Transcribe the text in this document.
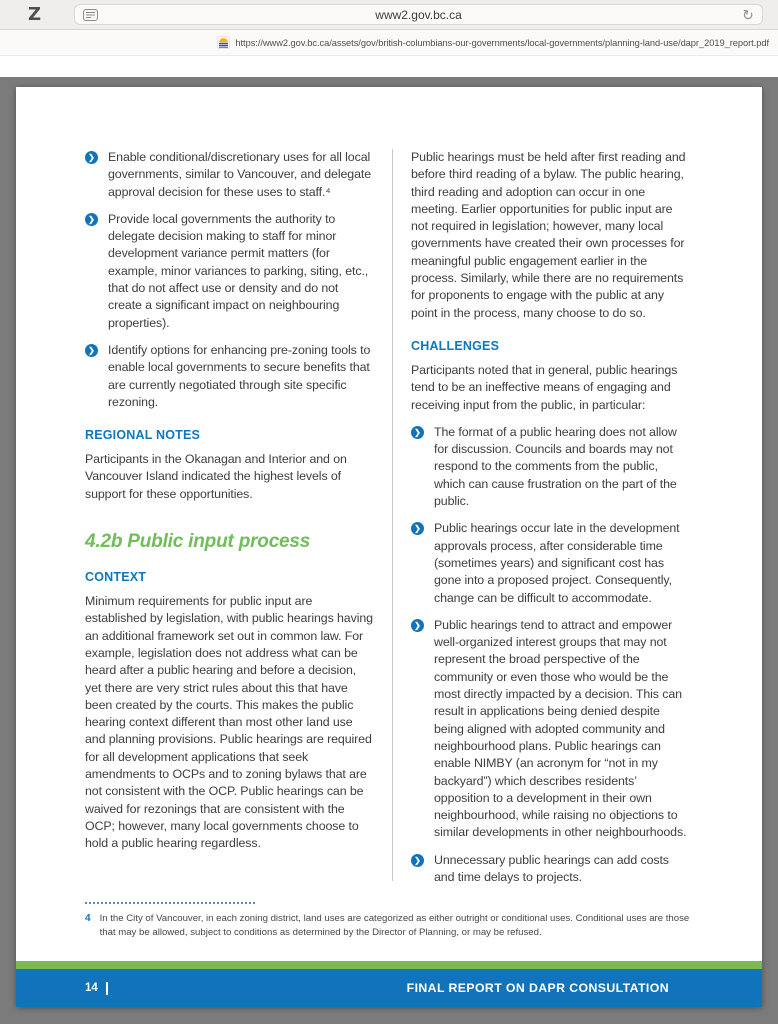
Z	www2.gov.bc.ca	↻
https://www2.gov.bc.ca/assets/gov/british-columbians-our-governments/local-governments/planning-land-use/dapr_2019_report.pdf
❯ Enable conditional/discretionary uses for all local governments, similar to Vancouver, and delegate approval decision for these uses to staff.⁴
❯ Provide local governments the authority to delegate decision making to staff for minor development variance permit matters (for example, minor variances to parking, siting, etc., that do not affect use or density and do not create a significant impact on neighbouring properties).
❯ Identify options for enhancing pre-zoning tools to enable local governments to secure benefits that are currently negotiated through site specific rezoning.
REGIONAL NOTES

Participants in the Okanagan and Interior and on Vancouver Island indicated the highest levels of support for these opportunities.

4.2b Public input process
CONTEXT

Minimum requirements for public input are established by legislation, with public hearings having an additional framework set out in common law. For example, legislation does not address what can be heard after a public hearing and before a decision, yet there are very strict rules about this that have been created by the courts. This makes the public hearing context different than most other land use and planning provisions. Public hearings are required for all development applications that seek amendments to OCPs and to zoning bylaws that are not consistent with the OCP. Public hearings can be waived for rezonings that are consistent with the OCP; however, many local governments choose to hold a public hearing regardless.

Public hearings must be held after first reading and before third reading of a bylaw. The public hearing, third reading and adoption can occur in one meeting. Earlier opportunities for public input are not required in legislation; however, many local governments have created their own processes for meaningful public engagement earlier in the process. Similarly, while there are no requirements for proponents to engage with the public at any point in the process, many choose to do so.

CHALLENGES

Participants noted that in general, public hearings tend to be an ineffective means of engaging and receiving input from the public, in particular:

❯ The format of a public hearing does not allow for discussion. Councils and boards may not respond to the comments from the public, which can cause frustration on the part of the public.
❯ Public hearings occur late in the development approvals process, after considerable time (sometimes years) and significant cost has gone into a proposed project. Consequently, change can be difficult to accommodate.
❯ Public hearings tend to attract and empower well-organized interest groups that may not represent the broad perspective of the community or even those who would be the most directly impacted by a decision. This can result in applications being denied despite being aligned with adopted community and neighbourhood plans. Public hearings can enable NIMBY (an acronym for “not in my backyard”) which describes residents’ opposition to a development in their own neighbourhood, while raising no objections to similar developments in other neighbourhoods.
❯ Unnecessary public hearings can add costs and time delays to projects.
4 In the City of Vancouver, in each zoning district, land uses are categorized as either outright or conditional uses. Conditional uses are those that may be allowed, subject to conditions as determined by the Director of Planning, or may be refused.
14	FINAL REPORT ON DAPR CONSULTATION
